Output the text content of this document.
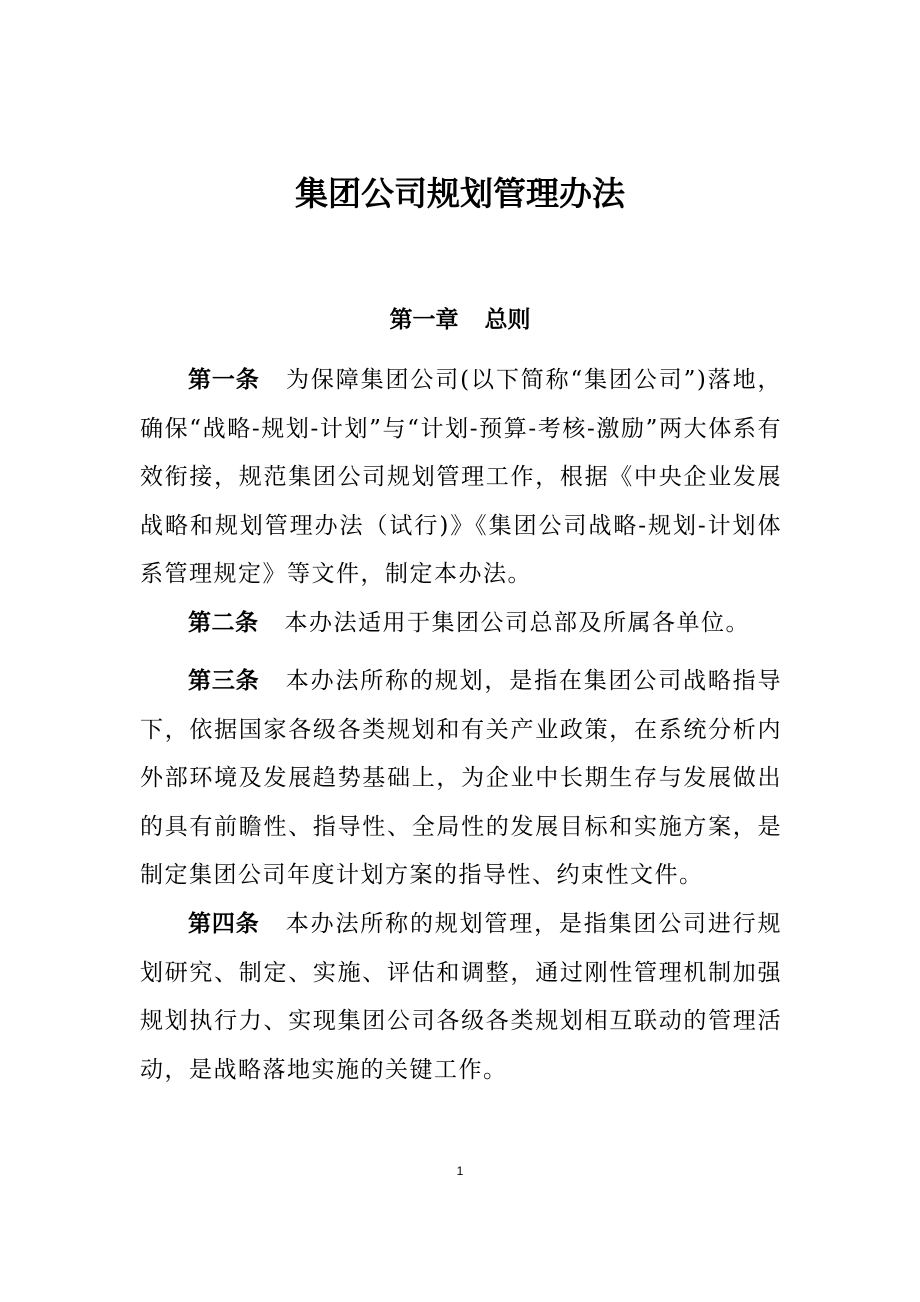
集团公司规划管理办法
第一章 总则

第一条 为保障集团公司(以下简称“集团公司”)落地，确保“战略-规划-计划”与“计划-预算-考核-激励”两大体系有效衔接，规范集团公司规划管理工作，根据《中央企业发展战略和规划管理办法（试行)》《集团公司战略-规划-计划体系管理规定》等文件，制定本办法。

第二条 本办法适用于集团公司总部及所属各单位。

第三条 本办法所称的规划，是指在集团公司战略指导下，依据国家各级各类规划和有关产业政策，在系统分析内外部环境及发展趋势基础上，为企业中长期生存与发展做出的具有前瞻性、指导性、全局性的发展目标和实施方案，是制定集团公司年度计划方案的指导性、约束性文件。

第四条 本办法所称的规划管理，是指集团公司进行规划研究、制定、实施、评估和调整，通过刚性管理机制加强规划执行力、实现集团公司各级各类规划相互联动的管理活动，是战略落地实施的关键工作。

1
